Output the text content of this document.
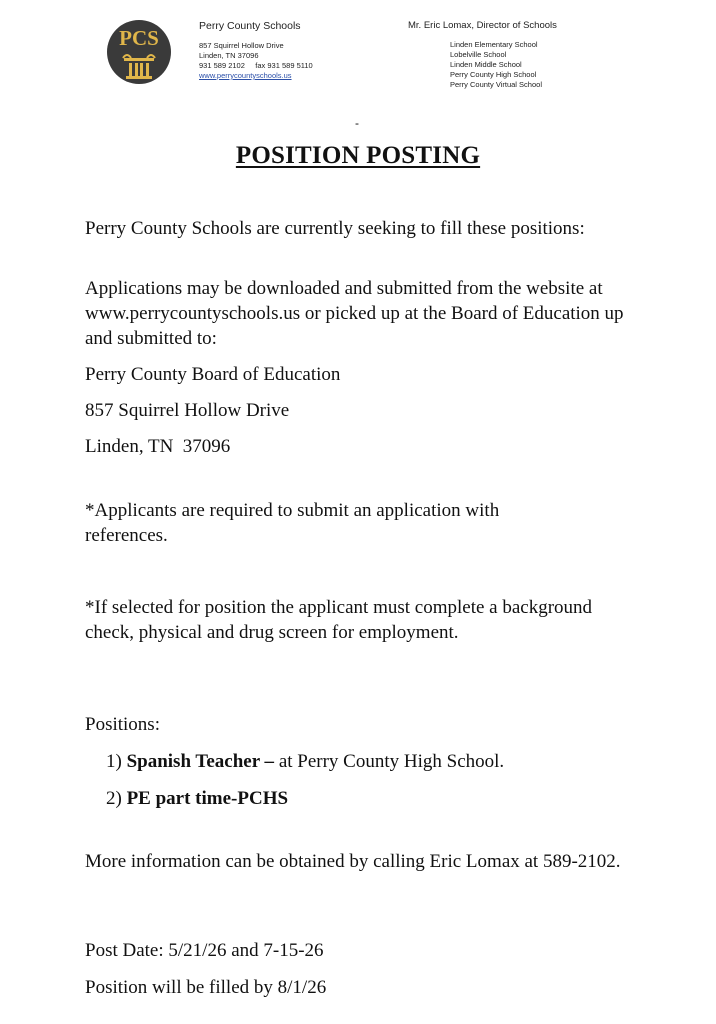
PCS	Perry County Schools
857 Squirrel Hollow Drive
Linden, TN 37096
931 589 2102     fax 931 589 5110
www.perrycountyschools.us
Mr. Eric Lomax, Director of Schools
Linden Elementary School
Lobelville School
Linden Middle School
Perry County High School
Perry County Virtual School
-
POSITION POSTING

Perry County Schools are currently seeking to fill these positions:

Applications may be downloaded and submitted from the website at www.perrycountyschools.us or picked up at the Board of Education up and submitted to:

Perry County Board of Education

857 Squirrel Hollow Drive

Linden, TN  37096

*Applicants are required to submit an application with references.

*If selected for position the applicant must complete a background check, physical and drug screen for employment.

Positions:

1) Spanish Teacher – at Perry County High School.
2) PE part time-PCHS

More information can be obtained by calling Eric Lomax at 589-2102.

Post Date: 5/21/26 and 7-15-26

Position will be filled by 8/1/26
